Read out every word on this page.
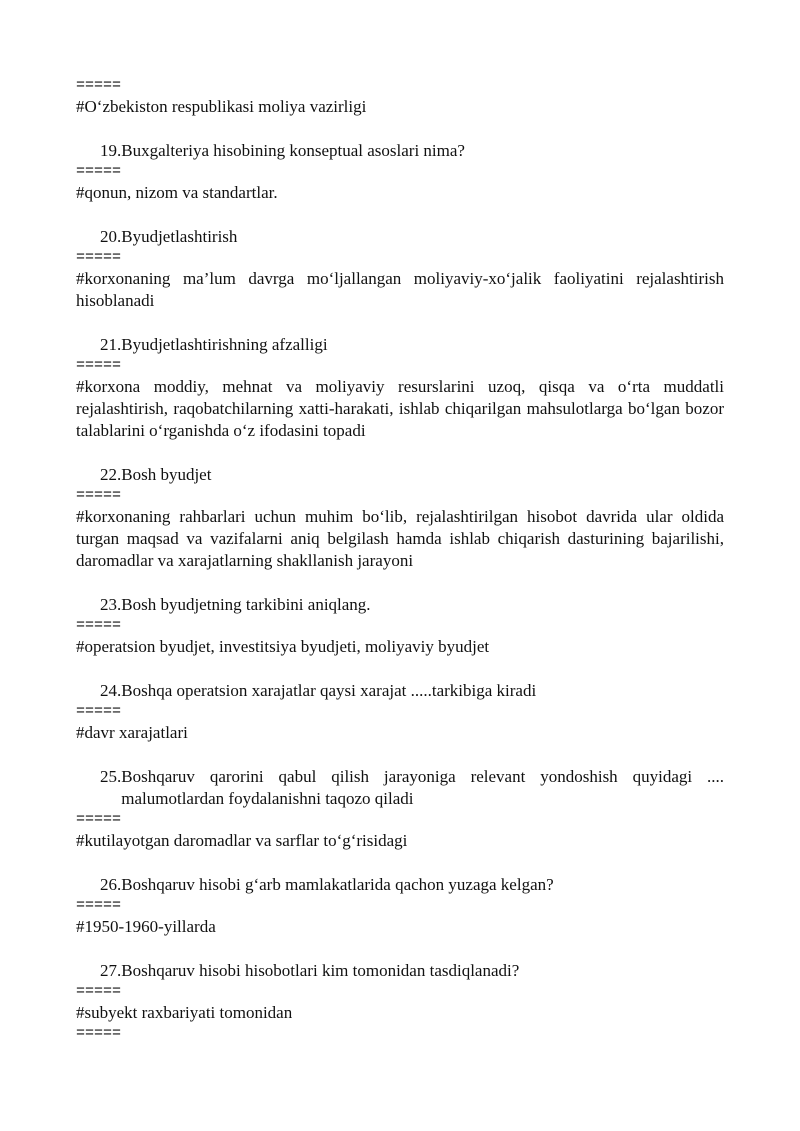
=====
#O‘zbekiston respublikasi moliya vazirligi
19. Buxgalteriya hisobining konseptual asoslari nima?
=====
#qonun, nizom va standartlar.
20. Byudjetlashtirish
=====
#korxonaning ma’lum davrga mo‘ljallangan moliyaviy-xo‘jalik faoliyatini rejalashtirish hisoblanadi
21. Byudjetlashtirishning afzalligi
=====
#korxona moddiy, mehnat va moliyaviy resurslarini uzoq, qisqa va o‘rta muddatli rejalashtirish, raqobatchilarning xatti-harakati, ishlab chiqarilgan mahsulotlarga bo‘lgan bozor talablarini o‘rganishda o‘z ifodasini topadi
22. Bosh byudjet
=====
#korxonaning rahbarlari uchun muhim bo‘lib, rejalashtirilgan hisobot davrida ular oldida turgan maqsad va vazifalarni aniq belgilash hamda ishlab chiqarish dasturining bajarilishi, daromadlar va xarajatlarning shakllanish jarayoni
23. Bosh byudjetning tarkibini aniqlang.
=====
#operatsion byudjet, investitsiya byudjeti, moliyaviy byudjet
24. Boshqa operatsion xarajatlar qaysi xarajat .....tarkibiga kiradi
=====
#davr xarajatlari
25. Boshqaruv qarorini qabul qilish jarayoniga relevant yondoshish quyidagi .... malumotlardan foydalanishni taqozo qiladi
=====
#kutilayotgan daromadlar va sarflar to‘g‘risidagi
26. Boshqaruv hisobi g‘arb mamlakatlarida qachon yuzaga kelgan?
=====
#1950-1960-yillarda
27. Boshqaruv hisobi hisobotlari kim tomonidan tasdiqlanadi?
=====
#subyekt raxbariyati tomonidan
=====
